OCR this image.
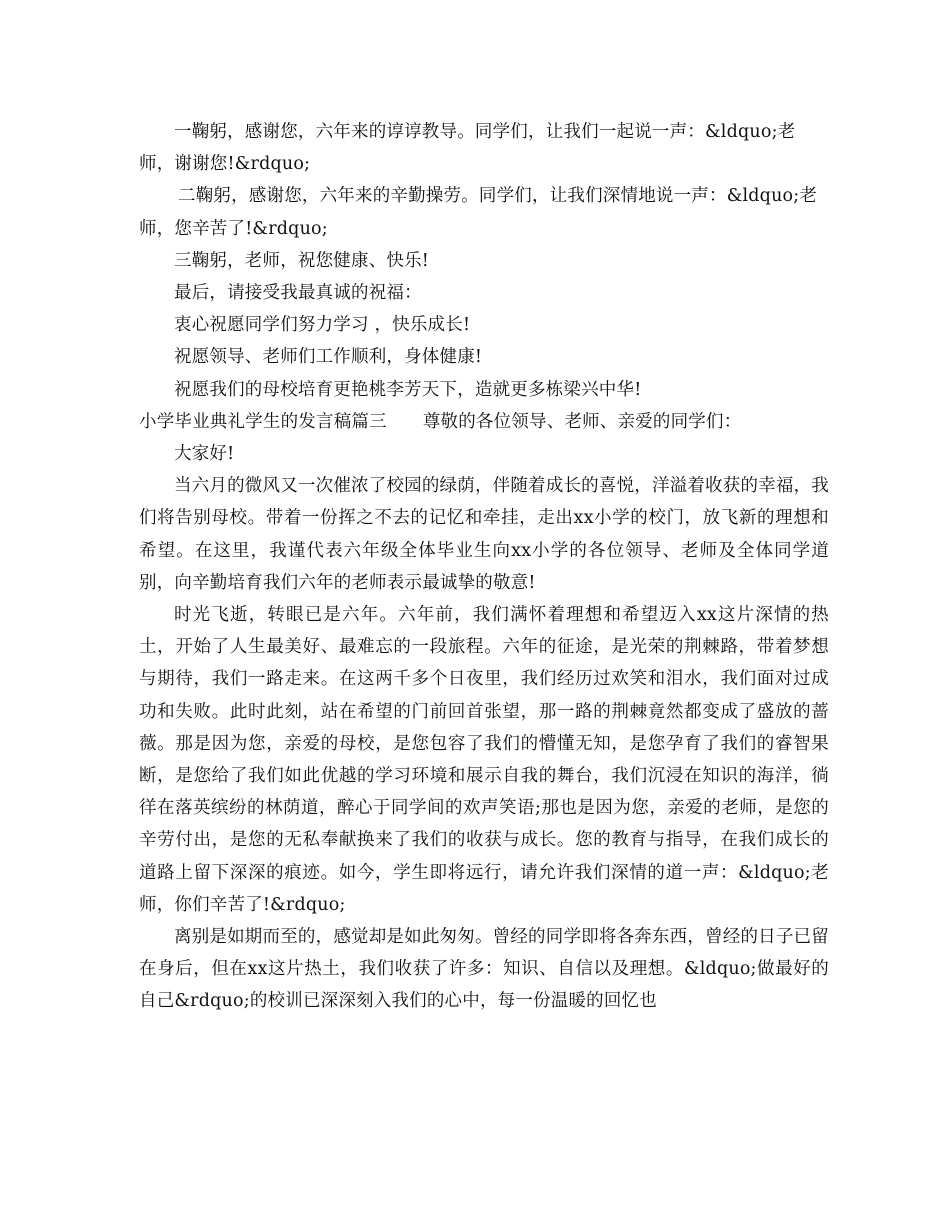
一鞠躬，感谢您，六年来的谆谆教导。同学们，让我们一起说一声：&ldquo;老师，谢谢您!&rdquo;

二鞠躬，感谢您，六年来的辛勤操劳。同学们，让我们深情地说一声：&ldquo;老师，您辛苦了!&rdquo;

三鞠躬，老师，祝您健康、快乐!

最后，请接受我最真诚的祝福：

衷心祝愿同学们努力学习 ，快乐成长!

祝愿领导、老师们工作顺利，身体健康!

祝愿我们的母校培育更艳桃李芳天下，造就更多栋梁兴中华!

小学毕业典礼学生的发言稿篇三 尊敬的各位领导、老师、亲爱的同学们：

大家好!

当六月的微风又一次催浓了校园的绿荫，伴随着成长的喜悦，洋溢着收获的幸福，我们将告别母校。带着一份挥之不去的记忆和牵挂，走出xx小学的校门，放飞新的理想和希望。在这里，我谨代表六年级全体毕业生向xx小学的各位领导、老师及全体同学道别，向辛勤培育我们六年的老师表示最诚挚的敬意!

时光飞逝，转眼已是六年。六年前，我们满怀着理想和希望迈入xx这片深情的热土，开始了人生最美好、最难忘的一段旅程。六年的征途，是光荣的荆棘路，带着梦想与期待，我们一路走来。在这两千多个日夜里，我们经历过欢笑和泪水，我们面对过成功和失败。此时此刻，站在希望的门前回首张望，那一路的荆棘竟然都变成了盛放的蔷薇。那是因为您，亲爱的母校，是您包容了我们的懵懂无知，是您孕育了我们的睿智果断，是您给了我们如此优越的学习环境和展示自我的舞台，我们沉浸在知识的海洋，徜徉在落英缤纷的林荫道，醉心于同学间的欢声笑语;那也是因为您，亲爱的老师，是您的辛劳付出，是您的无私奉献换来了我们的收获与成长。您的教育与指导，在我们成长的道路上留下深深的痕迹。如今，学生即将远行，请允许我们深情的道一声：&ldquo;老师，你们辛苦了!&rdquo;

离别是如期而至的，感觉却是如此匆匆。曾经的同学即将各奔东西，曾经的日子已留在身后，但在xx这片热土，我们收获了许多：知识、自信以及理想。&ldquo;做最好的自己&rdquo;的校训已深深刻入我们的心中，每一份温暖的回忆也
